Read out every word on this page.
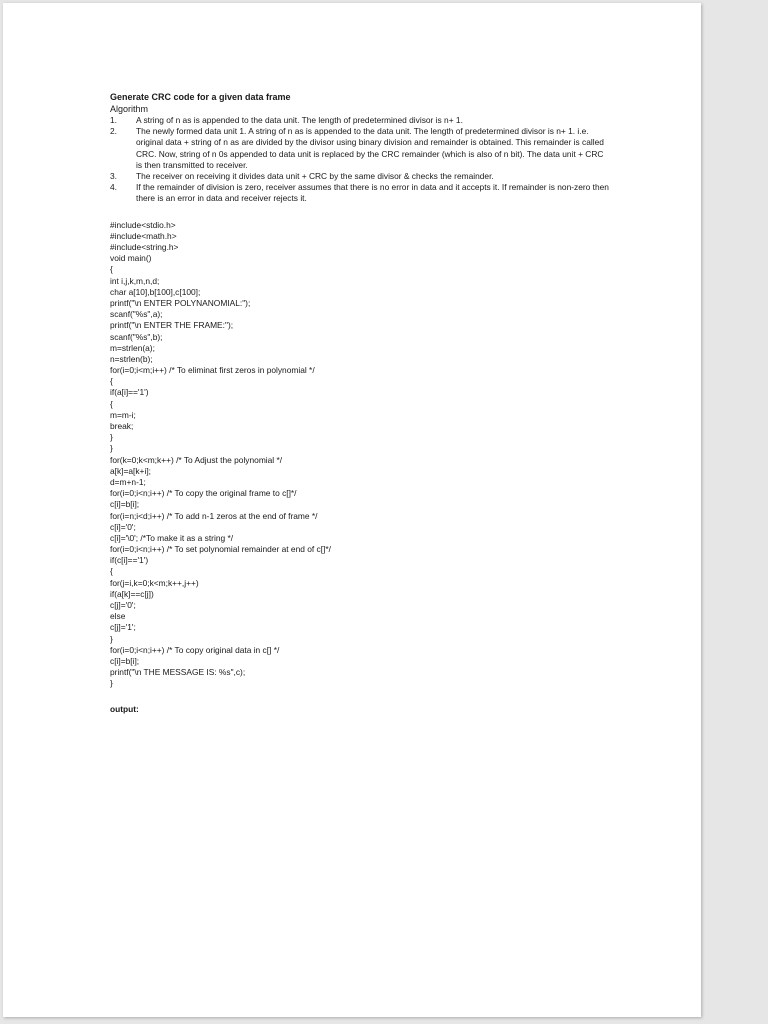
Generate CRC code for a given data frame

Algorithm

1.	A string of n as is appended to the data unit. The length of predetermined divisor is n+ 1.
2.	The newly formed data unit 1. A string of n as is appended to the data unit. The length of predetermined divisor is n+ 1. i.e. original data + string of n as are divided by the divisor using binary division and remainder is obtained. This remainder is called CRC. Now, string of n 0s appended to data unit is replaced by the CRC remainder (which is also of n bit). The data unit + CRC is then transmitted to receiver.
3.	The receiver on receiving it divides data unit + CRC by the same divisor & checks the remainder.
4.	If the remainder of division is zero, receiver assumes that there is no error in data and it accepts it. If remainder is non-zero then there is an error in data and receiver rejects it.
#include<stdio.h>
#include<math.h>
#include<string.h>
void main()
{
int i,j,k,m,n,d;
char a[10],b[100],c[100];
printf("\n ENTER POLYNANOMIAL:");
scanf("%s",a);
printf("\n ENTER THE FRAME:");
scanf("%s",b);
m=strlen(a);
n=strlen(b);
for(i=0;i<m;i++) /* To eliminat first zeros in polynomial */
{
if(a[i]=='1')
{
m=m-i;
break;
}
}
for(k=0;k<m;k++) /* To Adjust the polynomial */
a[k]=a[k+i];
d=m+n-1;
for(i=0;i<n;i++) /* To copy the original frame to c[]*/
c[i]=b[i];
for(i=n;i<d;i++) /* To add n-1 zeros at the end of frame */
c[i]='0';
c[i]='\0'; /*To make it as a string */
for(i=0;i<n;i++) /* To set polynomial remainder at end of c[]*/
if(c[i]=='1')
{
for(j=i,k=0;k<m;k++,j++)
if(a[k]==c[j])
c[j]='0';
else
c[j]='1';
}
for(i=0;i<n;i++) /* To copy original data in c[] */
c[i]=b[i];
printf("\n THE MESSAGE IS: %s",c);
}
output:
